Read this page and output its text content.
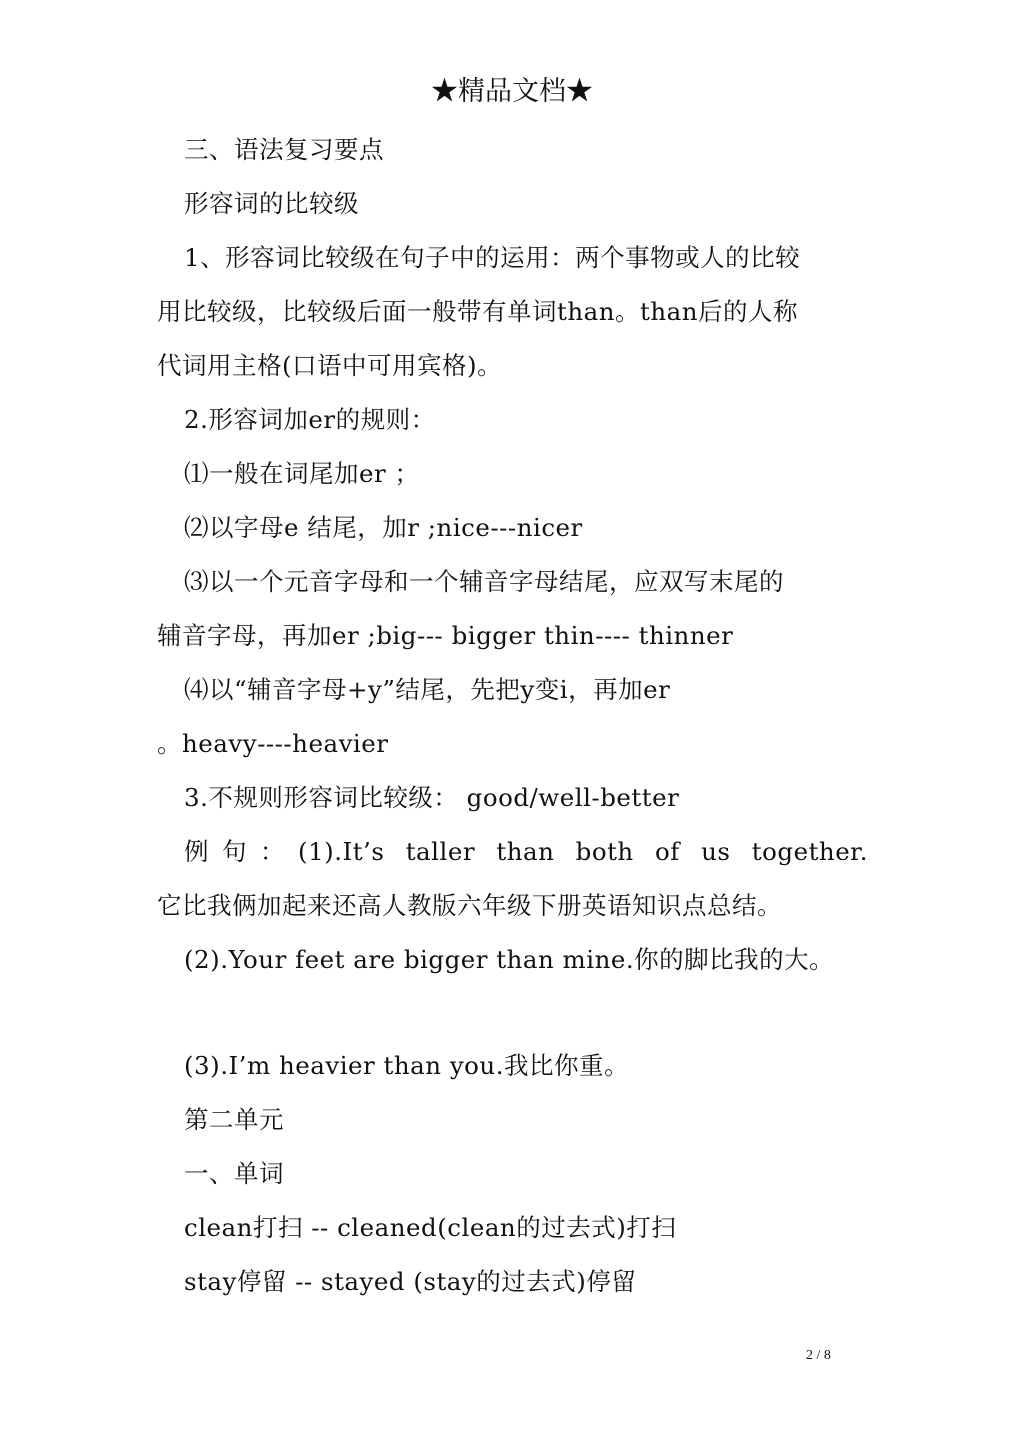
★精品文档★
三、语法复习要点
形容词的比较级
1、形容词比较级在句子中的运用：两个事物或人的比较
用比较级，比较级后面一般带有单词than。than后的人称
代词用主格(口语中可用宾格)。
2.形容词加er的规则：
⑴一般在词尾加er ；
⑵以字母e 结尾，加r ;nice---nicer
⑶以一个元音字母和一个辅音字母结尾，应双写末尾的
辅音字母，再加er ;big--- bigger thin---- thinner
⑷以“辅音字母+y”结尾，先把y变i，再加er
。heavy----heavier
3.不规则形容词比较级： good/well-better
例句：(1).It’s taller than both of us together.
它比我俩加起来还高人教版六年级下册英语知识点总结。
(2).Your feet are bigger than mine.你的脚比我的大。
(3).I’m heavier than you.我比你重。
第二单元
一、单词
clean打扫 -- cleaned(clean的过去式)打扫
stay停留 -- stayed (stay的过去式)停留
2 / 8
